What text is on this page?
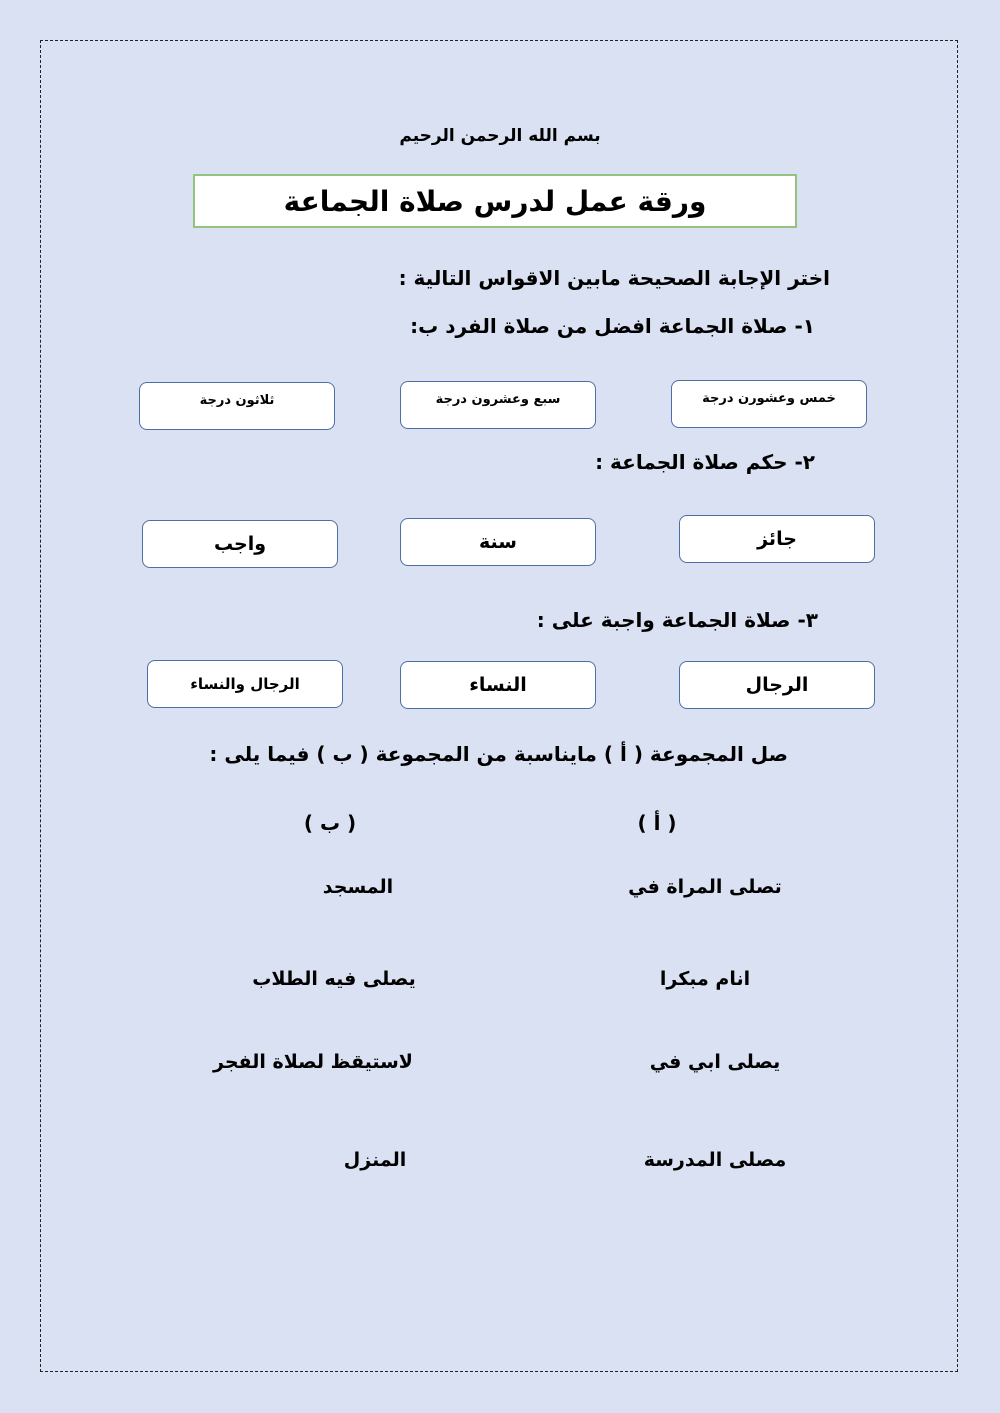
بسم الله الرحمن الرحيم
ورقة عمل لدرس صلاة الجماعة
اختر الإجابة الصحيحة مابين الاقواس التالية :
١- صلاة الجماعة افضل من صلاة الفرد ب:
خمس وعشورن درجة
سبع وعشرون درجة
ثلاثون درجة
٢- حكم صلاة الجماعة :
جائز
سنة
واجب
٣- صلاة الجماعة واجبة على :
الرجال
النساء
الرجال والنساء
صل المجموعة ( أ ) ماينا‌سبة من المجموعة ( ب ) فيما يلى :
( أ )
( ب )
تصلى المراة في
انام مبكرا
يصلى ابي في
مصلى المدرسة
المسجد
يصلى فيه الطلاب
لاستيقظ لصلاة الفجر
المنزل
